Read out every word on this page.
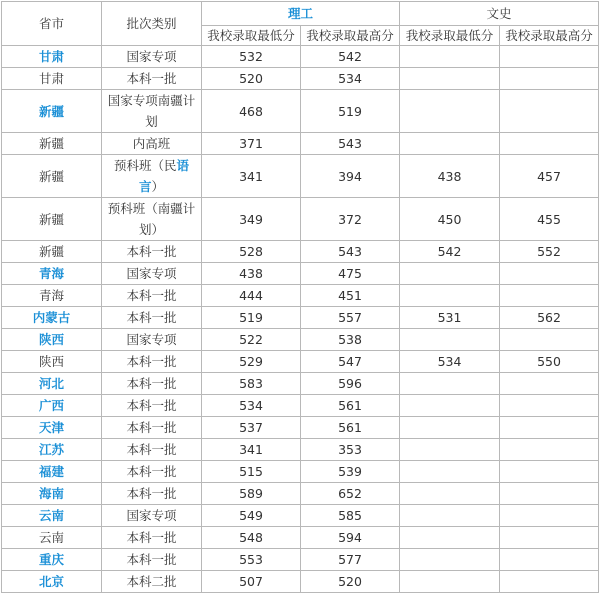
省市	批次类别	理工		文史	
		我校录取最低分	我校录取最高分	我校录取最低分	我校录取最高分
甘肃	国家专项	532	542		
甘肃	本科一批	520	534		
新疆	国家专项南疆计划	468	519		
新疆	内高班	371	543		
新疆	预科班（民语言）	341	394	438	457
新疆	预科班（南疆计划）	349	372	450	455
新疆	本科一批	528	543	542	552
青海	国家专项	438	475		
青海	本科一批	444	451		
内蒙古	本科一批	519	557	531	562
陕西	国家专项	522	538		
陕西	本科一批	529	547	534	550
河北	本科一批	583	596		
广西	本科一批	534	561		
天津	本科一批	537	561		
江苏	本科一批	341	353		
福建	本科一批	515	539		
海南	本科一批	589	652		
云南	国家专项	549	585		
云南	本科一批	548	594		
重庆	本科一批	553	577		
北京	本科二批	507	520		
